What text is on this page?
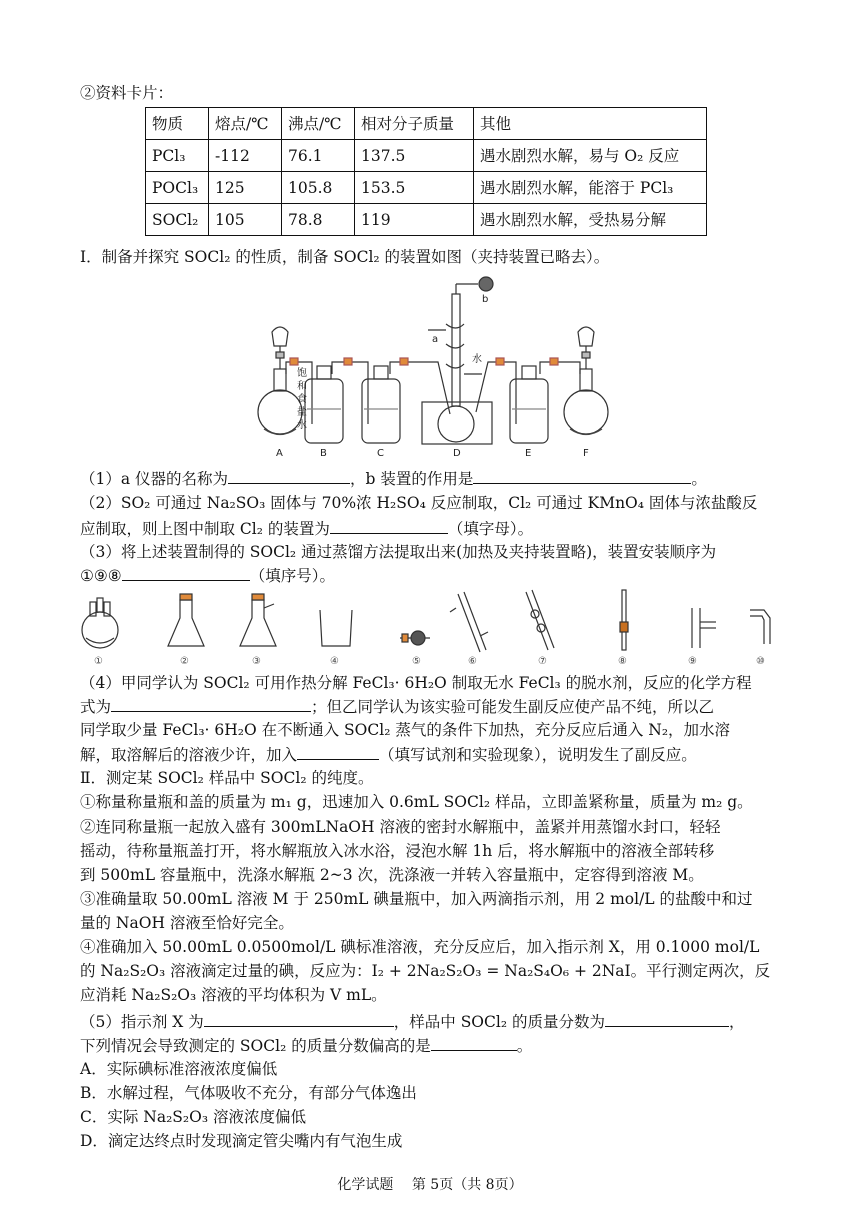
②资料卡片：
物质	熔点/℃	沸点/℃	相对分子质量	其他
PCl₃	-112	76.1	137.5	遇水剧烈水解，易与 O₂ 反应
POCl₃	125	105.8	153.5	遇水剧烈水解，能溶于 PCl₃
SOCl₂	105	78.8	119	遇水剧烈水解，受热易分解
Ⅰ．制备并探究 SOCl₂ 的性质，制备 SOCl₂ 的装置如图（夹持装置已略去）。
A	B	C	D	E	F
a
b
水
饱
和
食
盐
水
（1）a 仪器的名称为	，b 装置的作用是	。
（2）SO₂ 可通过 Na₂SO₃ 固体与 70%浓 H₂SO₄ 反应制取，Cl₂ 可通过 KMnO₄ 固体与浓盐酸反
应制取，则上图中制取 Cl₂ 的装置为	（填字母）。
（3）将上述装置制得的 SOCl₂ 通过蒸馏方法提取出来(加热及夹持装置略)，装置安装顺序为
①⑨⑧	（填序号）。
①	②	③	④	⑤	⑥	⑦	⑧	⑨	⑩
（4）甲同学认为 SOCl₂ 可用作热分解 FeCl₃· 6H₂O 制取无水 FeCl₃ 的脱水剂，反应的化学方程
式为	；但乙同学认为该实验可能发生副反应使产品不纯，所以乙
同学取少量 FeCl₃· 6H₂O 在不断通入 SOCl₂ 蒸气的条件下加热，充分反应后通入 N₂，加水溶
解，取溶解后的溶液少许，加入	（填写试剂和实验现象），说明发生了副反应。
Ⅱ．测定某 SOCl₂ 样品中 SOCl₂ 的纯度。
①称量称量瓶和盖的质量为 m₁ g，迅速加入 0.6mL SOCl₂ 样品，立即盖紧称量，质量为 m₂ g。
②连同称量瓶一起放入盛有 300mLNaOH 溶液的密封水解瓶中，盖紧并用蒸馏水封口，轻轻
摇动，待称量瓶盖打开，将水解瓶放入冰水浴，浸泡水解 1h 后，将水解瓶中的溶液全部转移
到 500mL 容量瓶中，洗涤水解瓶 2~3 次，洗涤液一并转入容量瓶中，定容得到溶液 M。
③准确量取 50.00mL 溶液 M 于 250mL 碘量瓶中，加入两滴指示剂，用 2 mol/L 的盐酸中和过
量的 NaOH 溶液至恰好完全。
④准确加入 50.00mL 0.0500mol/L 碘标准溶液，充分反应后，加入指示剂 X，用 0.1000 mol/L
的 Na₂S₂O₃ 溶液滴定过量的碘，反应为：I₂ + 2Na₂S₂O₃ = Na₂S₄O₆ + 2NaI。平行测定两次，反
应消耗 Na₂S₂O₃ 溶液的平均体积为 V mL。
（5）指示剂 X 为	，样品中 SOCl₂ 的质量分数为	，
下列情况会导致测定的 SOCl₂ 的质量分数偏高的是	。
A．实际碘标准溶液浓度偏低
B．水解过程，气体吸收不充分，有部分气体逸出
C．实际 Na₂S₂O₃ 溶液浓度偏低
D．滴定达终点时发现滴定管尖嘴内有气泡生成
化学试题　 第 5页（共 8页）
